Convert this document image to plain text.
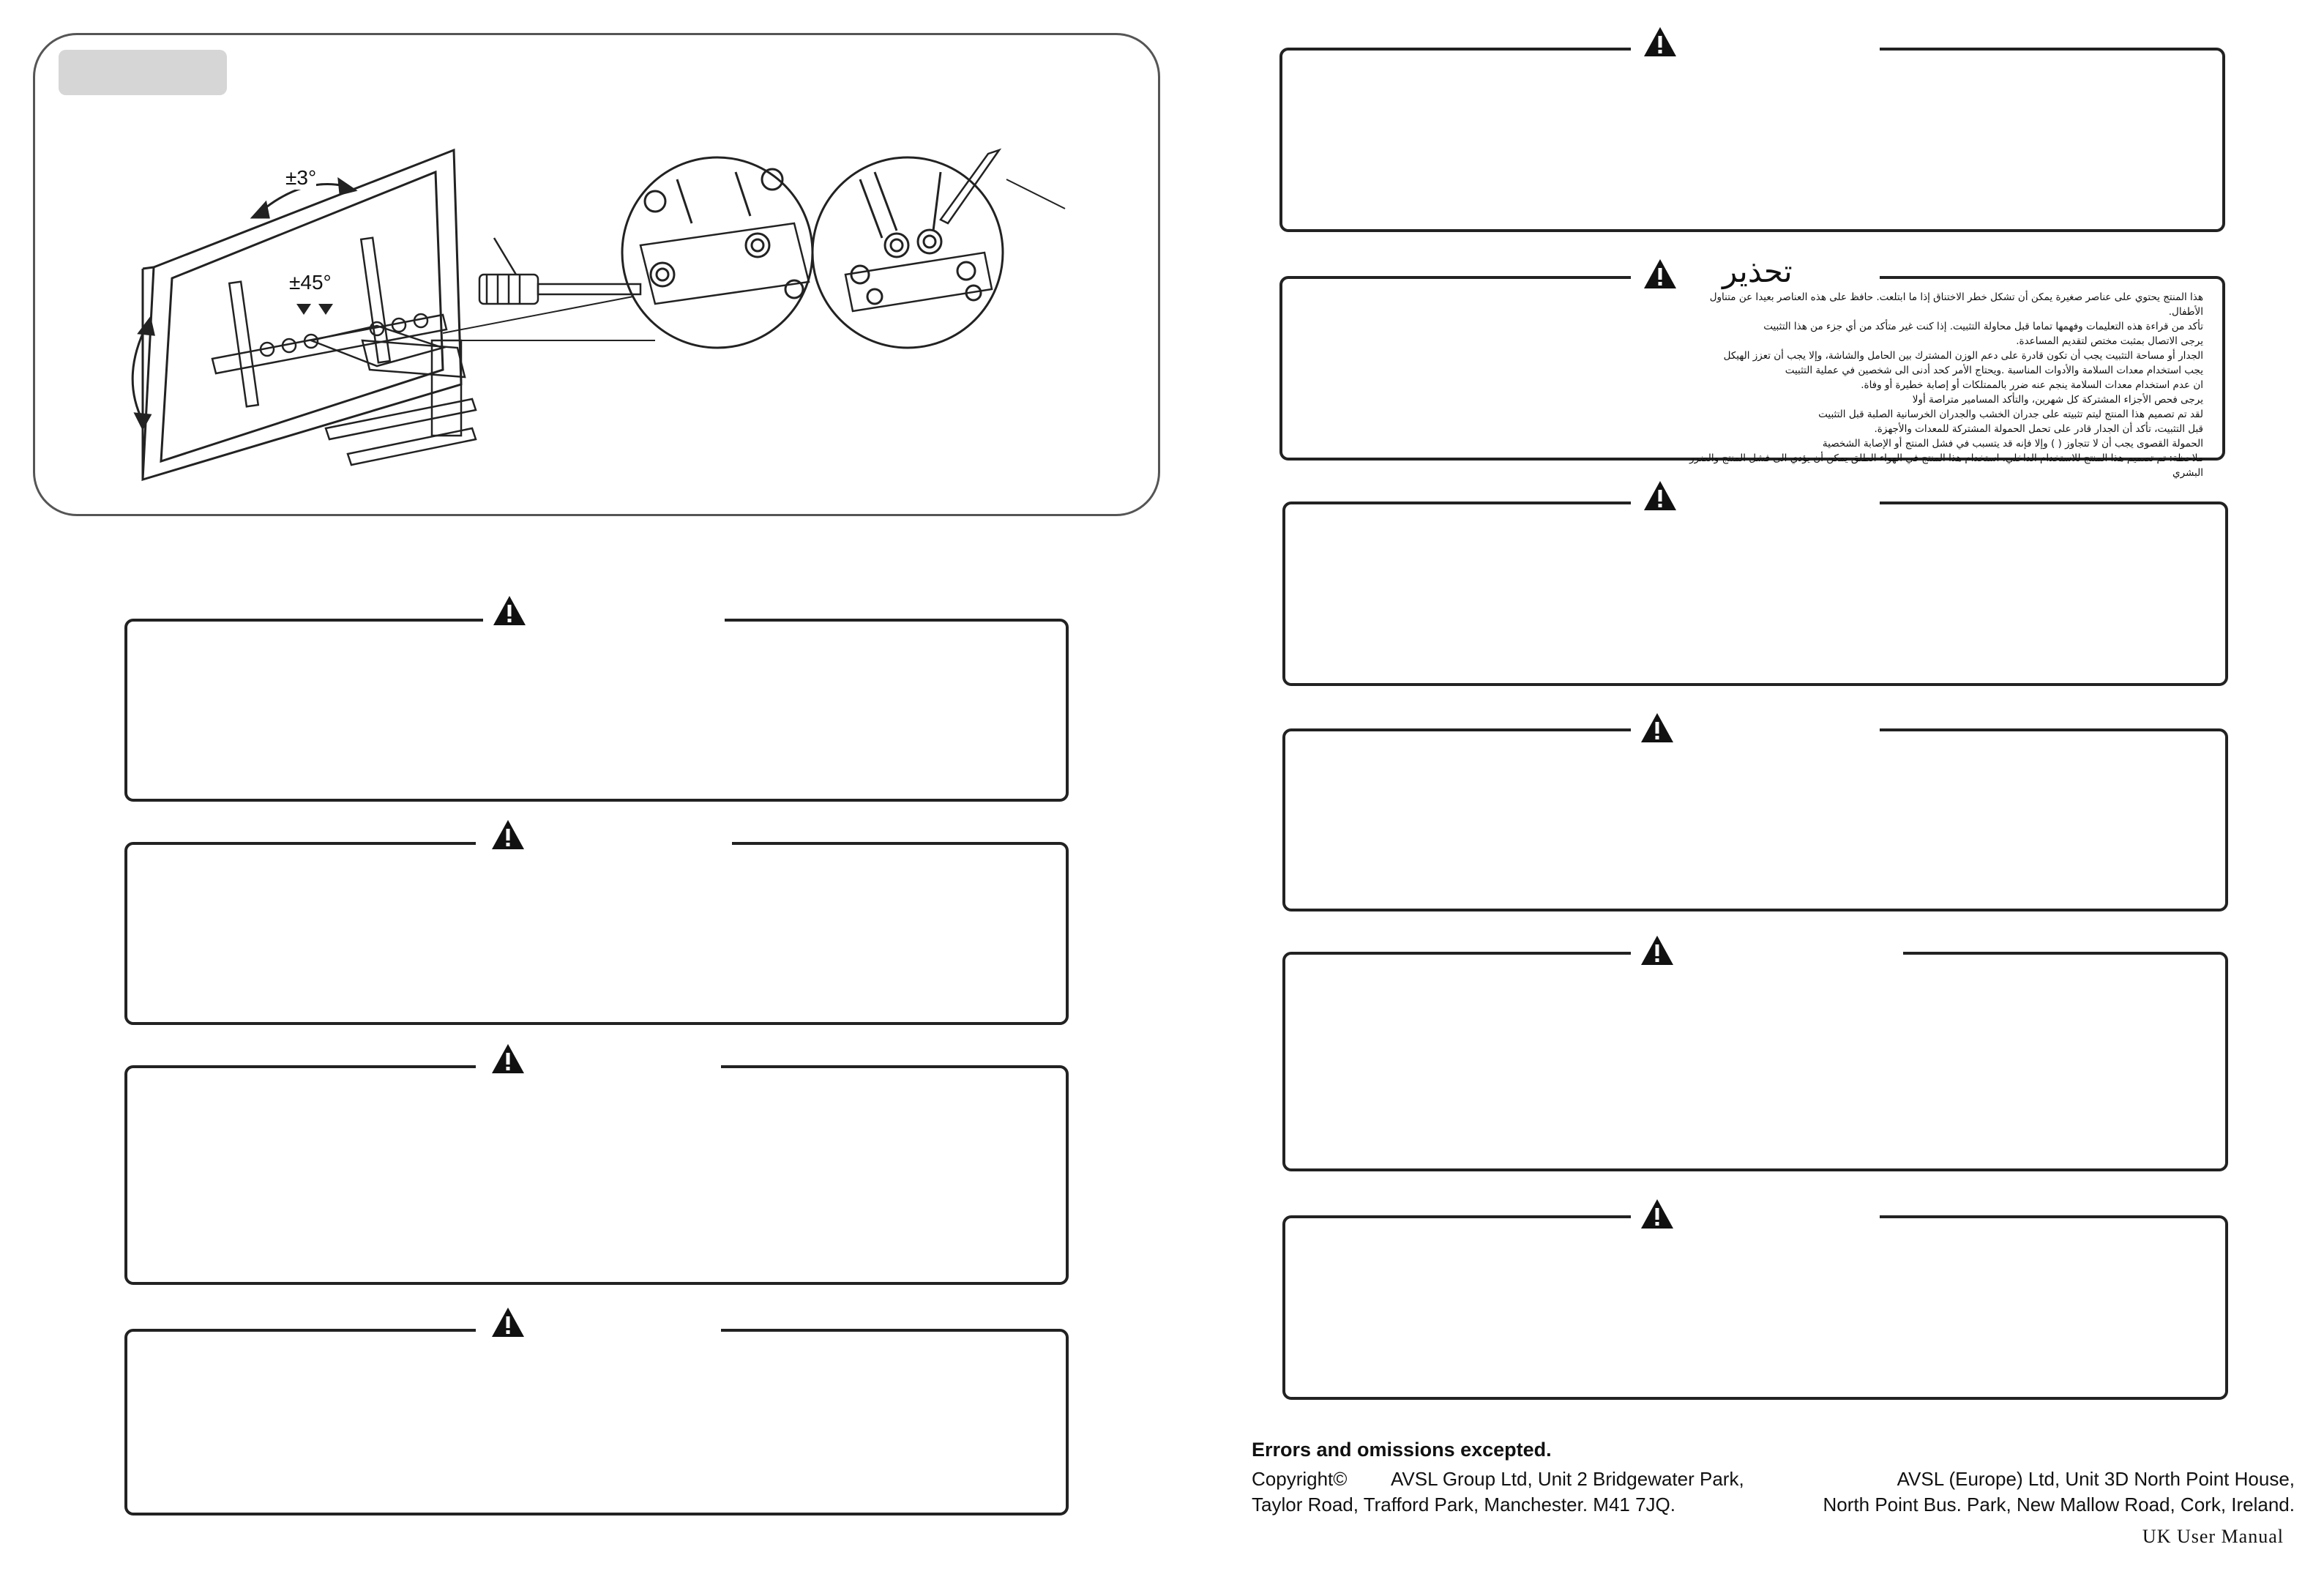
±3°
±45°	تحذير
هذا المنتج يحتوي على عناصر صغيرة يمكن أن تشكل خطر الاختناق إذا ما ابتلعت. حافظ على هذه العناصر بعيدا عن متناول الأطفال.
تأكد من قراءة هذه التعليمات وفهمها تماما قبل محاولة التثبيت. إذا كنت غير متأكد من أي جزء من هذا التثبيت
يرجى الاتصال بمثبت مختص لتقديم المساعدة.
الجدار أو مساحة التثبيت يجب أن تكون قادرة على دعم الوزن المشترك بين الحامل والشاشة، وإلا يجب أن تعزز الهيكل
يجب استخدام معدات السلامة والأدوات المناسبة .ويحتاج الأمر كحد أدنى الى شخصين في عملية التثبيت
ان عدم استخدام معدات السلامة ينجم عنه ضرر بالممتلكات أو إصابة خطيرة أو وفاة.
يرجى فحص الأجزاء المشتركة كل شهرين، والتأكد المسامير متراصة أولا
لقد تم تصميم هذا المنتج ليتم تثبيته على جدران الخشب والجدران الخرسانية الصلبة قبل التثبيت
قبل التثبيت، تأكد أن الجدار قادر على تحمل الحمولة المشتركة للمعدات والأجهزة.
الحمولة القصوى يجب أن لا تتجاوز ( ) وإلا فإنه قد يتسبب في فشل المنتج أو الإصابة الشخصية
ملاحظة: تم تصميم هذا المنتج للاستخدام الداخلي. استخدام هذا المنتج في الهواء الطلق يمكن أن يؤدي الى فشل المنتج والضرر البشري
Errors and omissions excepted.
Copyright© AVSL Group Ltd, Unit 2 Bridgewater Park,
Taylor Road, Trafford Park, Manchester. M41 7JQ.
AVSL (Europe) Ltd, Unit 3D North Point House,
North Point Bus. Park, New Mallow Road, Cork, Ireland.
UK User Manual
